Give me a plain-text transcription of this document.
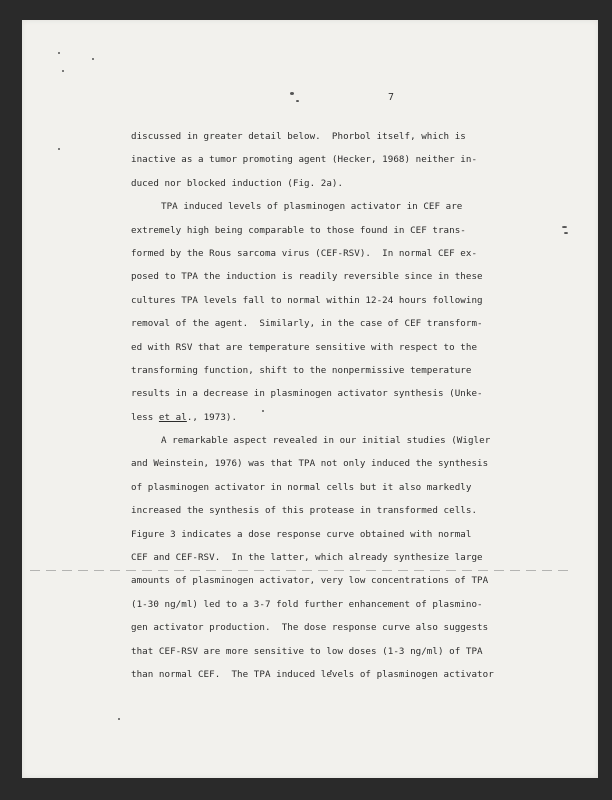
7
discussed in greater detail below.  Phorbol itself, which is
inactive as a tumor promoting agent (Hecker, 1968) neither in-
duced nor blocked induction (Fig. 2a).
TPA induced levels of plasminogen activator in CEF are
extremely high being comparable to those found in CEF trans-
formed by the Rous sarcoma virus (CEF-RSV).  In normal CEF ex-
posed to TPA the induction is readily reversible since in these
cultures TPA levels fall to normal within 12-24 hours following
removal of the agent.  Similarly, in the case of CEF transform-
ed with RSV that are temperature sensitive with respect to the
transforming function, shift to the nonpermissive temperature
results in a decrease in plasminogen activator synthesis (Unke-
less et al., 1973).
A remarkable aspect revealed in our initial studies (Wigler
and Weinstein, 1976) was that TPA not only induced the synthesis
of plasminogen activator in normal cells but it also markedly
increased the synthesis of this protease in transformed cells.
Figure 3 indicates a dose response curve obtained with normal
CEF and CEF-RSV.  In the latter, which already synthesize large
amounts of plasminogen activator, very low concentrations of TPA
(1-30 ng/ml) led to a 3-7 fold further enhancement of plasmino-
gen activator production.  The dose response curve also suggests
that CEF-RSV are more sensitive to low doses (1-3 ng/ml) of TPA
than normal CEF.  The TPA induced levels of plasminogen activator
